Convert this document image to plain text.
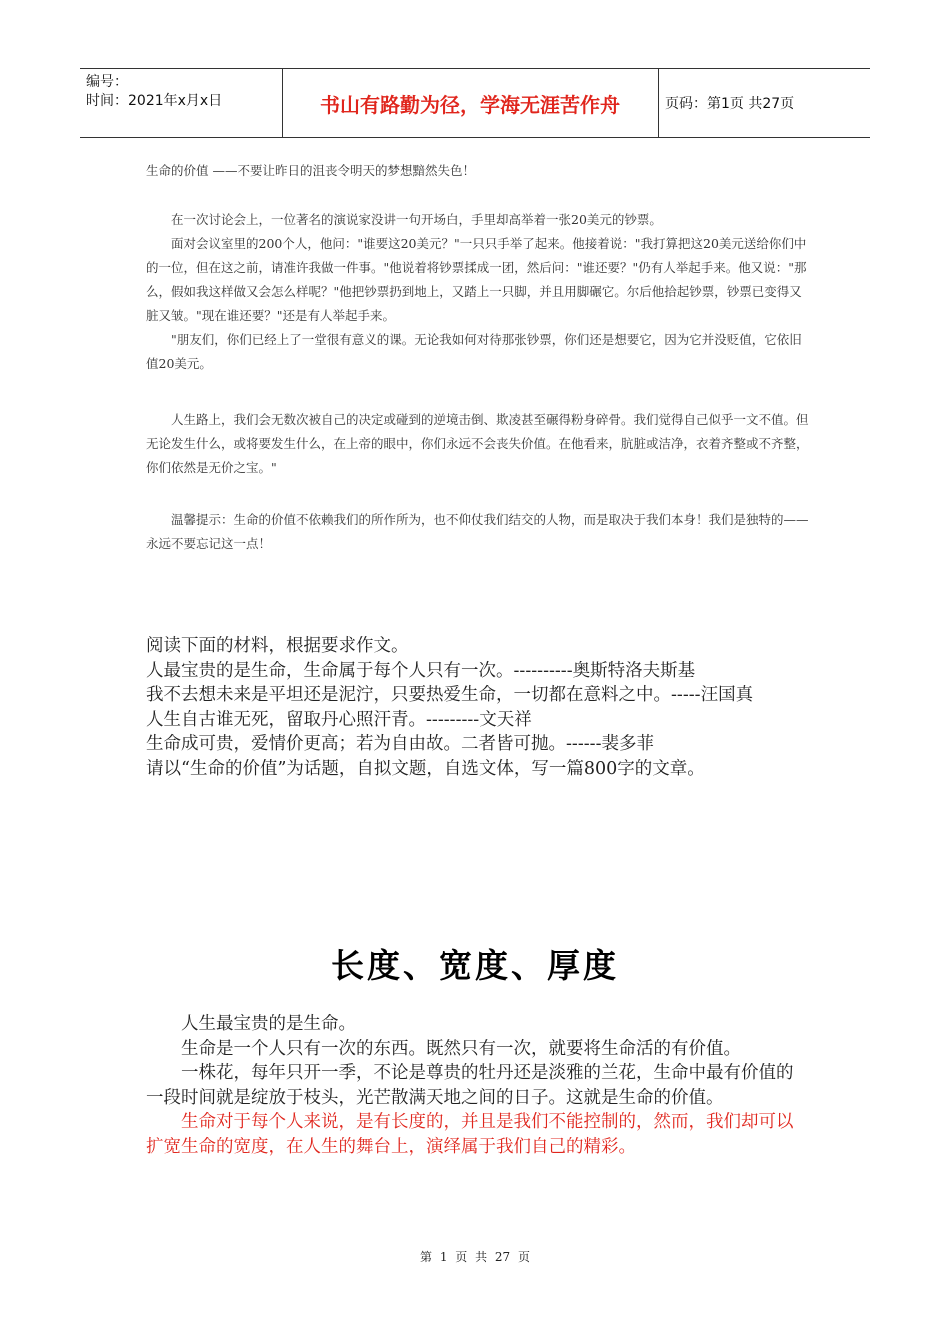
编号：
时间：2021年x月x日	书山有路勤为径，学海无涯苦作舟	页码：第1页 共27页
生命的价值 ——不要让昨日的沮丧令明天的梦想黯然失色！

在一次讨论会上，一位著名的演说家没讲一句开场白，手里却高举着一张20美元的钞票。

面对会议室里的200个人，他问："谁要这20美元？"一只只手举了起来。他接着说："我打算把这20美元送给你们中的一位，但在这之前，请准许我做一件事。"他说着将钞票揉成一团，然后问："谁还要？"仍有人举起手来。他又说："那么，假如我这样做又会怎么样呢？"他把钞票扔到地上，又踏上一只脚，并且用脚碾它。尔后他拾起钞票，钞票已变得又脏又皱。"现在谁还要？"还是有人举起手来。

"朋友们，你们已经上了一堂很有意义的课。无论我如何对待那张钞票，你们还是想要它，因为它并没贬值，它依旧值20美元。

人生路上，我们会无数次被自己的决定或碰到的逆境击倒、欺凌甚至碾得粉身碎骨。我们觉得自己似乎一文不值。但无论发生什么，或将要发生什么，在上帝的眼中，你们永远不会丧失价值。在他看来，肮脏或洁净，衣着齐整或不齐整，你们依然是无价之宝。"

温馨提示：生命的价值不依赖我们的所作所为，也不仰仗我们结交的人物，而是取决于我们本身！我们是独特的——永远不要忘记这一点！

阅读下面的材料，根据要求作文。

人最宝贵的是生命，生命属于每个人只有一次。----------奥斯特洛夫斯基

我不去想未来是平坦还是泥泞，只要热爱生命，一切都在意料之中。-----汪国真

人生自古谁无死，留取丹心照汗青。---------文天祥

生命成可贵，爱情价更高；若为自由故。二者皆可抛。------裴多菲

请以“生命的价值”为话题，自拟文题，自选文体，写一篇800字的文章。

长度、宽度、厚度

人生最宝贵的是生命。

生命是一个人只有一次的东西。既然只有一次，就要将生命活的有价值。

一株花，每年只开一季，不论是尊贵的牡丹还是淡雅的兰花，生命中最有价值的一段时间就是绽放于枝头，光芒散满天地之间的日子。这就是生命的价值。

生命对于每个人来说，是有长度的，并且是我们不能控制的，然而，我们却可以扩宽生命的宽度，在人生的舞台上，演绎属于我们自己的精彩。

第 1 页 共 27 页
